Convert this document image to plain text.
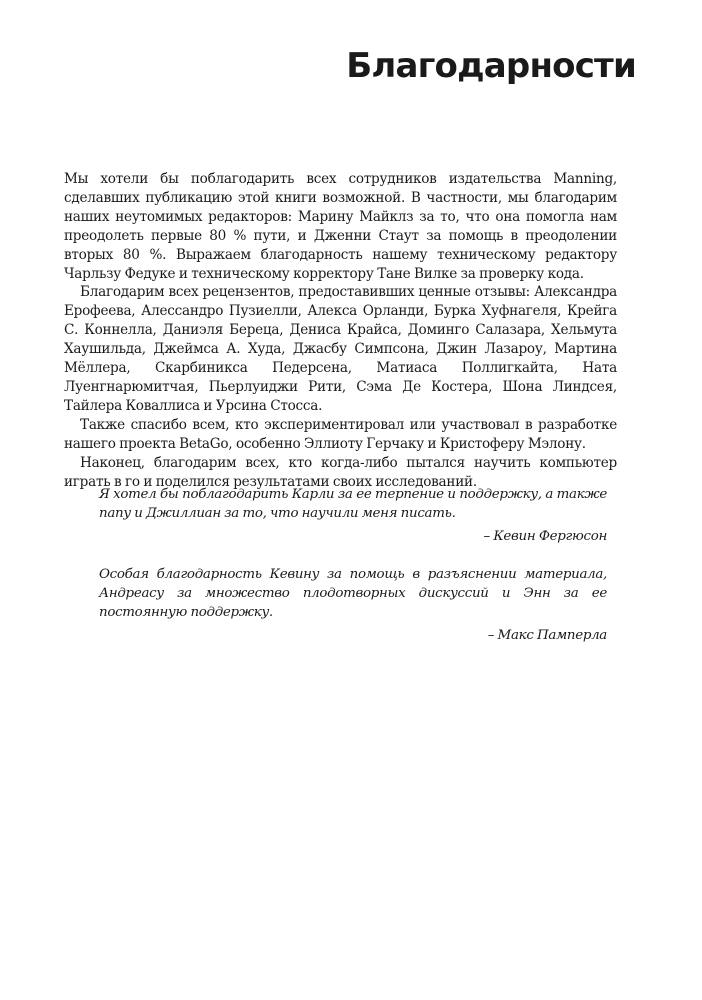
Благодарности

Мы хотели бы поблагодарить всех сотрудников издательства Manning, сделавших публикацию этой книги возможной. В частности, мы благодарим наших неутомимых редакторов: Марину Майклз за то, что она помогла нам преодолеть первые 80 % пути, и Дженни Стаут за помощь в преодолении вторых 80 %. Выражаем благодарность нашему техническому редактору Чарльзу Федуке и техническому корректору Тане Вилке за проверку кода.

Благодарим всех рецензентов, предоставивших ценные отзывы: Александра Ерофеева, Алессандро Пузиелли, Алекса Орланди, Бурка Хуфнагеля, Крейга С. Коннелла, Даниэля Береца, Дениса Крайса, Доминго Салазара, Хельмута Хаушильда, Джеймса А. Худа, Джасбу Симпсона, Джин Лазароу, Мартина Мёллера, Скарбиникса Педерсена, Матиаса Поллигкайта, Ната Луенгнарюмитчая, Пьерлуиджи Рити, Сэма Де Костера, Шона Линдсея, Тайлера Коваллиса и Урсина Стосса.

Также спасибо всем, кто экспериментировал или участвовал в разработке нашего проекта BetaGo, особенно Эллиоту Герчаку и Кристоферу Мэлону.

Наконец, благодарим всех, кто когда-либо пытался научить компьютер играть в го и поделился результатами своих исследований.

Я хотел бы поблагодарить Карли за ее терпение и поддержку, а также папу и Джиллиан за то, что научили меня писать.

– Кевин Фергюсон

Особая благодарность Кевину за помощь в разъяснении материала, Андреасу за множество плодотворных дискуссий и Энн за ее постоянную поддержку.

– Макс Памперла
